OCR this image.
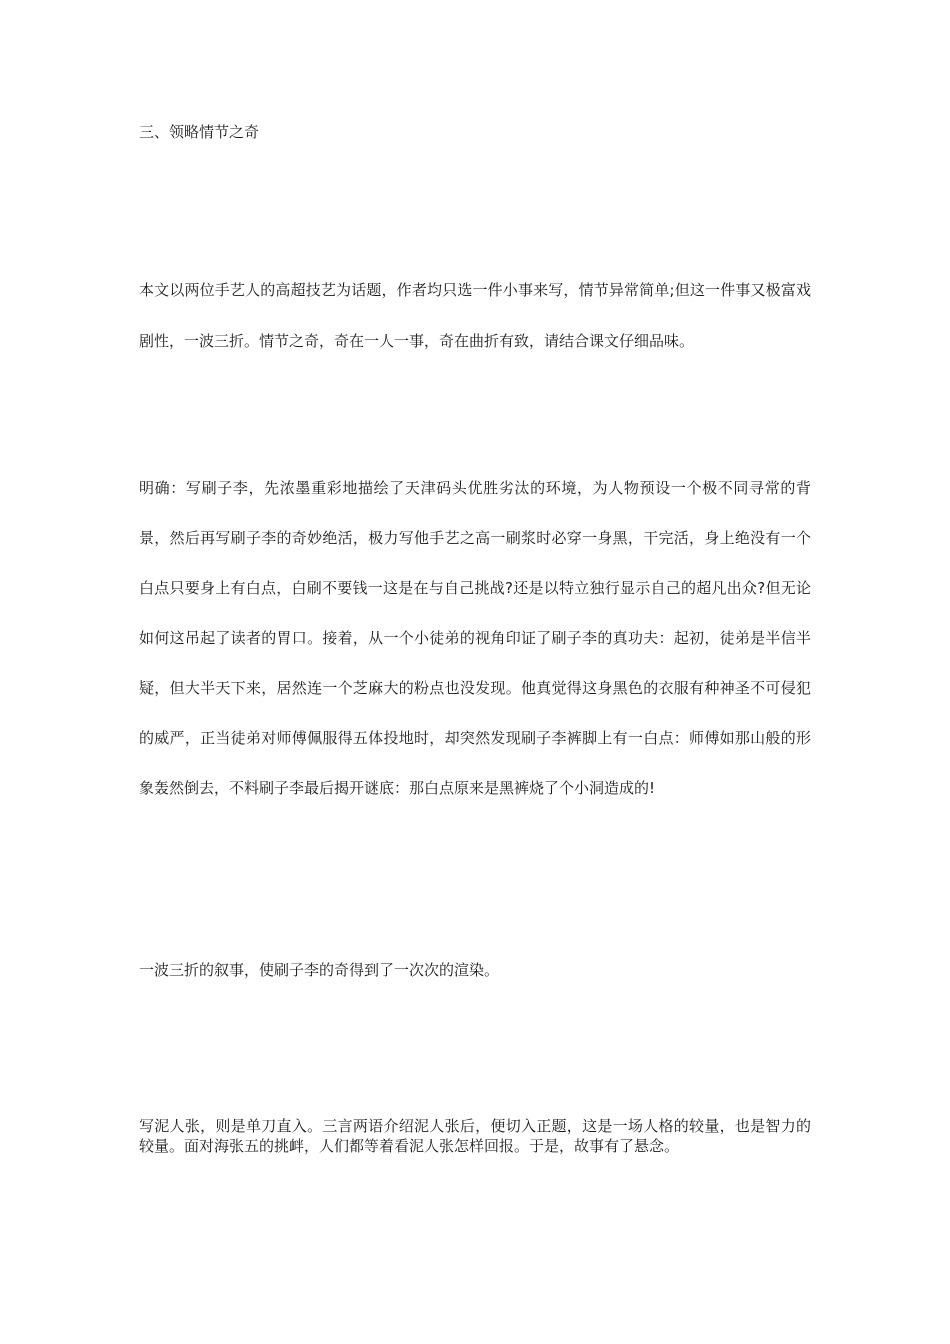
三、领略情节之奇

本文以两位手艺人的高超技艺为话题，作者均只选一件小事来写，情节异常简单;但这一件事又极富戏剧性，一波三折。情节之奇，奇在一人一事，奇在曲折有致，请结合课文仔细品味。

明确：写刷子李，先浓墨重彩地描绘了天津码头优胜劣汰的环境，为人物预设一个极不同寻常的背景，然后再写刷子李的奇妙绝活，极力写他手艺之高一刷浆时必穿一身黑，干完活，身上绝没有一个白点只要身上有白点，白刷不要钱一这是在与自己挑战?还是以特立独行显示自己的超凡出众?但无论如何这吊起了读者的胃口。接着，从一个小徒弟的视角印证了刷子李的真功夫：起初，徒弟是半信半疑，但大半天下来，居然连一个芝麻大的粉点也没发现。他真觉得这身黑色的衣服有种神圣不可侵犯的威严，正当徒弟对师傅佩服得五体投地时，却突然发现刷子李裤脚上有一白点：师傅如那山般的形象轰然倒去，不料刷子李最后揭开谜底：那白点原来是黑裤烧了个小洞造成的!

一波三折的叙事，使刷子李的奇得到了一次次的渲染。

写泥人张，则是单刀直入。三言两语介绍泥人张后，便切入正题，这是一场人格的较量，也是智力的较量。面对海张五的挑衅，人们都等着看泥人张怎样回报。于是，故事有了悬念。
